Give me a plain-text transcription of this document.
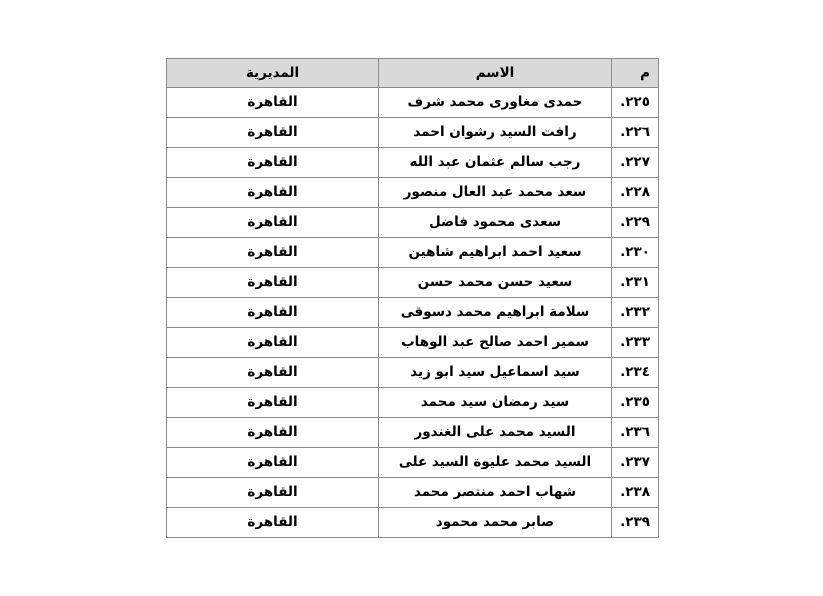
م	الاسم	المديرية
٢٢٥.	حمدى مغاورى محمد شرف	القاهرة
٢٢٦.	رافت السيد رشوان احمد	القاهرة
٢٢٧.	رجب سالم عثمان عبد الله	القاهرة
٢٢٨.	سعد محمد عبد العال منصور	القاهرة
٢٢٩.	سعدى محمود فاضل	القاهرة
٢٣٠.	سعيد احمد ابراهيم شاهين	القاهرة
٢٣١.	سعيد حسن محمد حسن	القاهرة
٢٣٢.	سلامة ابراهيم محمد دسوقى	القاهرة
٢٣٣.	سمير احمد صالح عبد الوهاب	القاهرة
٢٣٤.	سيد اسماعيل سيد ابو زيد	القاهرة
٢٣٥.	سيد رمضان سيد محمد	القاهرة
٢٣٦.	السيد محمد على الغندور	القاهرة
٢٣٧.	السيد محمد عليوة السيد على	القاهرة
٢٣٨.	شهاب احمد منتصر محمد	القاهرة
٢٣٩.	صابر محمد محمود	القاهرة
